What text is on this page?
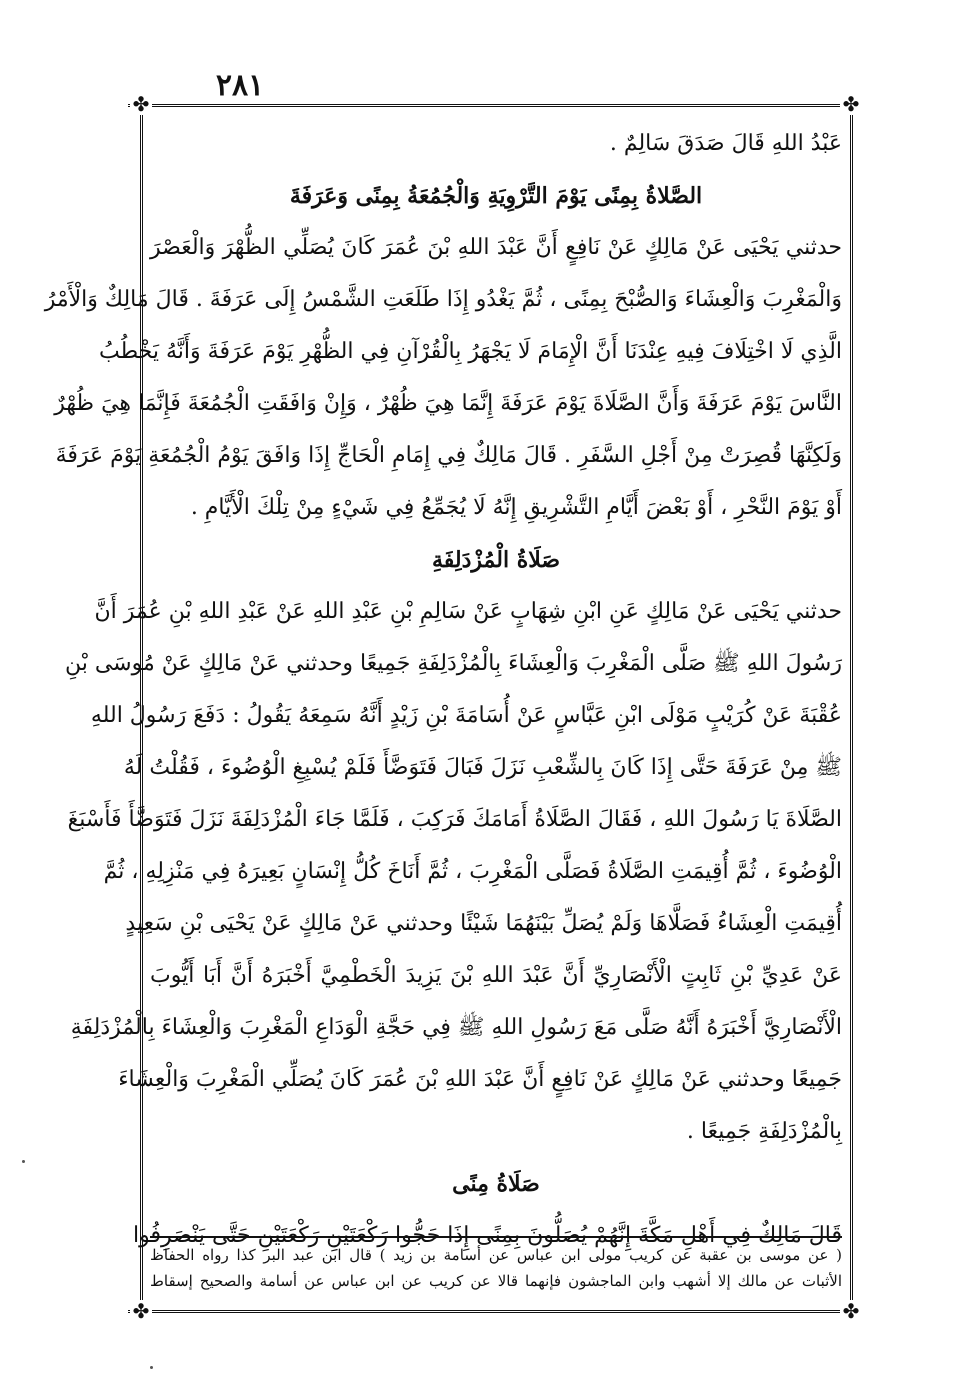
٢٨١
✤	✤
✤	✤
عَبْدُ اللهِ قَالَ صَدَقَ سَالِمٌ .
الصَّلاةُ بِمِنًى يَوْمَ التَّرْوِيَةِ وَالْجُمُعَةُ بِمِنًى وَعَرَفَةَ
حدثني يَحْيَى عَنْ مَالِكٍ عَنْ نَافِعٍ أَنَّ عَبْدَ اللهِ بْنَ عُمَرَ كَانَ يُصَلِّي الظُّهْرَ وَالْعَصْرَ
وَالْمَغْرِبَ وَالْعِشَاءَ وَالصُّبْحَ بِمِنًى ، ثُمَّ يَغْدُو إِذَا طَلَعَتِ الشَّمْسُ إِلَى عَرَفَةَ . قَالَ مَالِكٌ وَالْأَمْرُ
الَّذِي لَا اخْتِلَافَ فِيهِ عِنْدَنَا أَنَّ الْإِمَامَ لَا يَجْهَرُ بِالْقُرْآنِ فِي الظُّهْرِ يَوْمَ عَرَفَةَ وَأَنَّهُ يَخْطُبُ
النَّاسَ يَوْمَ عَرَفَةَ وَأَنَّ الصَّلَاةَ يَوْمَ عَرَفَةَ إِنَّمَا هِيَ ظُهْرٌ ، وَإِنْ وَافَقَتِ الْجُمُعَةَ فَإِنَّمَا هِيَ ظُهْرٌ
وَلَكِنَّهَا قُصِرَتْ مِنْ أَجْلِ السَّفَرِ . قَالَ مَالِكٌ فِي إِمَامِ الْحَاجِّ إِذَا وَافَقَ يَوْمُ الْجُمُعَةِ يَوْمَ عَرَفَةَ
أَوْ يَوْمَ النَّحْرِ ، أَوْ بَعْضَ أَيَّامِ التَّشْرِيقِ إِنَّهُ لَا يُجَمِّعُ فِي شَيْءٍ مِنْ تِلْكَ الْأَيَّامِ .
صَلَاةُ الْمُزْدَلِفَةِ
حدثني يَحْيَى عَنْ مَالِكٍ عَنِ ابْنِ شِهَابٍ عَنْ سَالِمِ بْنِ عَبْدِ اللهِ عَنْ عَبْدِ اللهِ بْنِ عُمَرَ أَنَّ
رَسُولَ اللهِ ﷺ صَلَّى الْمَغْرِبَ وَالْعِشَاءَ بِالْمُزْدَلِفَةِ جَمِيعًا وحدثني عَنْ مَالِكٍ عَنْ مُوسَى بْنِ
عُقْبَةَ عَنْ كُرَيْبٍ مَوْلَى ابْنِ عَبَّاسٍ عَنْ أُسَامَةَ بْنِ زَيْدٍ أَنَّهُ سَمِعَهُ يَقُولُ : دَفَعَ رَسُولُ اللهِ
ﷺ مِنْ عَرَفَةَ حَتَّى إِذَا كَانَ بِالشِّعْبِ نَزَلَ فَبَالَ فَتَوَضَّأَ فَلَمْ يُسْبِغِ الْوُضُوءَ ، فَقُلْتُ لَهُ
الصَّلَاةَ يَا رَسُولَ اللهِ ، فَقَالَ الصَّلَاةُ أَمَامَكَ فَرَكِبَ ، فَلَمَّا جَاءَ الْمُزْدَلِفَةَ نَزَلَ فَتَوَضَّأَ فَأَسْبَغَ
الْوُضُوءَ ، ثُمَّ أُقِيمَتِ الصَّلَاةُ فَصَلَّى الْمَغْرِبَ ، ثُمَّ أَنَاخَ كُلُّ إِنْسَانٍ بَعِيرَهُ فِي مَنْزِلِهِ ، ثُمَّ
أُقِيمَتِ الْعِشَاءُ فَصَلَّاهَا وَلَمْ يُصَلِّ بَيْنَهُمَا شَيْئًا وحدثني عَنْ مَالِكٍ عَنْ يَحْيَى بْنِ سَعِيدٍ
عَنْ عَدِيِّ بْنِ ثَابِتٍ الْأَنْصَارِيِّ أَنَّ عَبْدَ اللهِ بْنَ يَزِيدَ الْخَطْمِيَّ أَخْبَرَهُ أَنَّ أَبَا أَيُّوبَ
الْأَنْصَارِيَّ أَخْبَرَهُ أَنَّهُ صَلَّى مَعَ رَسُولِ اللهِ ﷺ فِي حَجَّةِ الْوَدَاعِ الْمَغْرِبَ وَالْعِشَاءَ بِالْمُزْدَلِفَةِ
جَمِيعًا وحدثني عَنْ مَالِكٍ عَنْ نَافِعٍ أَنَّ عَبْدَ اللهِ بْنَ عُمَرَ كَانَ يُصَلِّي الْمَغْرِبَ وَالْعِشَاءَ
بِالْمُزْدَلِفَةِ جَمِيعًا .
صَلَاةُ مِنًى
قَالَ مَالِكٌ فِي أَهْلِ مَكَّةَ إِنَّهُمْ يُصَلُّونَ بِمِنًى إِذَا حَجُّوا رَكْعَتَيْنِ رَكْعَتَيْنِ حَتَّى يَنْصَرِفُوا
( عن موسى بن عقبة عن كريب مولى ابن عباس عن أسامة بن زيد ) قال ابن عبد البر كذا رواه الحفاظ
الأثبات عن مالك إلا أشهب وابن الماجشون فإنهما قالا عن كريب عن ابن عباس عن أسامة والصحيح إسقاط
